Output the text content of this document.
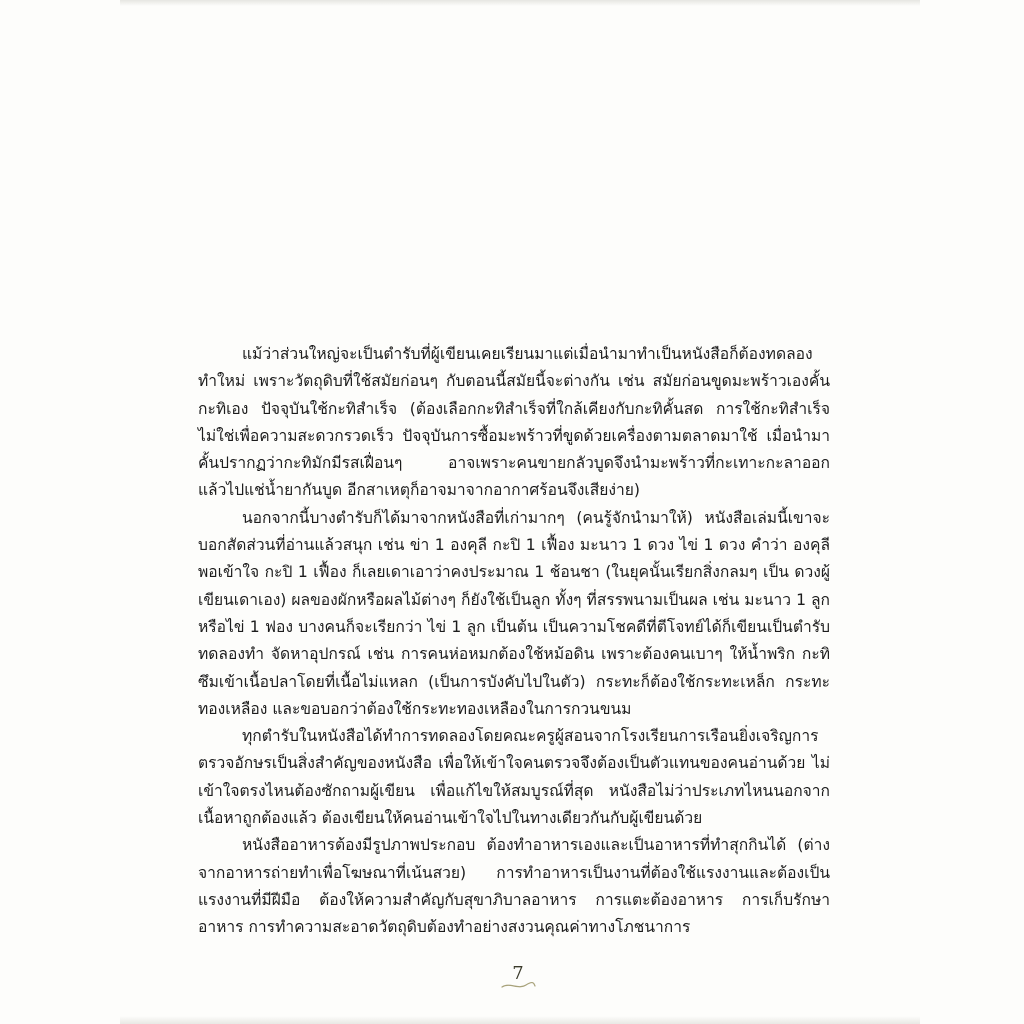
แม้ว่าส่วนใหญ่จะเป็นตำรับที่ผู้เขียนเคยเรียนมาแต่เมื่อนำมาทำเป็นหนังสือก็ต้องทดลองทำใหม่ เพราะวัตถุดิบที่ใช้สมัยก่อนๆ กับตอนนี้สมัยนี้จะต่างกัน เช่น สมัยก่อนขูดมะพร้าวเองคั้นกะทิเอง ปัจจุบันใช้กะทิสำเร็จ (ต้องเลือกกะทิสำเร็จที่ใกล้เคียงกับกะทิคั้นสด การใช้กะทิสำเร็จไม่ใช่เพื่อความสะดวกรวดเร็ว ปัจจุบันการซื้อมะพร้าวที่ขูดด้วยเครื่องตามตลาดมาใช้ เมื่อนำมาคั้นปรากฏว่ากะทิมักมีรสเฝื่อนๆ อาจเพราะคนขายกลัวบูดจึงนำมะพร้าวที่กะเทาะกะลาออกแล้วไปแช่น้ำยากันบูด อีกสาเหตุก็อาจมาจากอากาศร้อนจึงเสียง่าย)

นอกจากนี้บางตำรับก็ได้มาจากหนังสือที่เก่ามากๆ (คนรู้จักนำมาให้) หนังสือเล่มนี้เขาจะบอกสัดส่วนที่อ่านแล้วสนุก เช่น ข่า 1 องคุลี กะปิ 1 เฟื้อง มะนาว 1 ดวง ไข่ 1 ดวง คำว่า องคุลีพอเข้าใจ กะปิ 1 เฟื้อง ก็เลยเดาเอาว่าคงประมาณ 1 ช้อนชา (ในยุคนั้นเรียกสิ่งกลมๆ เป็น ดวงผู้เขียนเดาเอง) ผลของผักหรือผลไม้ต่างๆ ก็ยังใช้เป็นลูก ทั้งๆ ที่สรรพนามเป็นผล เช่น มะนาว 1 ลูก หรือไข่ 1 ฟอง บางคนก็จะเรียกว่า ไข่ 1 ลูก เป็นต้น เป็นความโชคดีที่ตีโจทย์ได้ก็เขียนเป็นตำรับ ทดลองทำ จัดหาอุปกรณ์ เช่น การคนห่อหมกต้องใช้หม้อดิน เพราะต้องคนเบาๆ ให้น้ำพริก กะทิ ซึมเข้าเนื้อปลาโดยที่เนื้อไม่แหลก (เป็นการบังคับไปในตัว) กระทะก็ต้องใช้กระทะเหล็ก กระทะทองเหลือง และขอบอกว่าต้องใช้กระทะทองเหลืองในการกวนขนม

ทุกตำรับในหนังสือได้ทำการทดลองโดยคณะครูผู้สอนจากโรงเรียนการเรือนยิ่งเจริญการตรวจอักษรเป็นสิ่งสำคัญของหนังสือ เพื่อให้เข้าใจคนตรวจจึงต้องเป็นตัวแทนของคนอ่านด้วย ไม่เข้าใจตรงไหนต้องซักถามผู้เขียน เพื่อแก้ไขให้สมบูรณ์ที่สุด หนังสือไม่ว่าประเภทไหนนอกจากเนื้อหาถูกต้องแล้ว ต้องเขียนให้คนอ่านเข้าใจไปในทางเดียวกันกับผู้เขียนด้วย

หนังสืออาหารต้องมีรูปภาพประกอบ ต้องทำอาหารเองและเป็นอาหารที่ทำสุกกินได้ (ต่างจากอาหารถ่ายทำเพื่อโฆษณาที่เน้นสวย) การทำอาหารเป็นงานที่ต้องใช้แรงงานและต้องเป็นแรงงานที่มีฝีมือ ต้องให้ความสำคัญกับสุขาภิบาลอาหาร การแตะต้องอาหาร การเก็บรักษาอาหาร การทำความสะอาดวัตถุดิบต้องทำอย่างสงวนคุณค่าทางโภชนาการ

7
